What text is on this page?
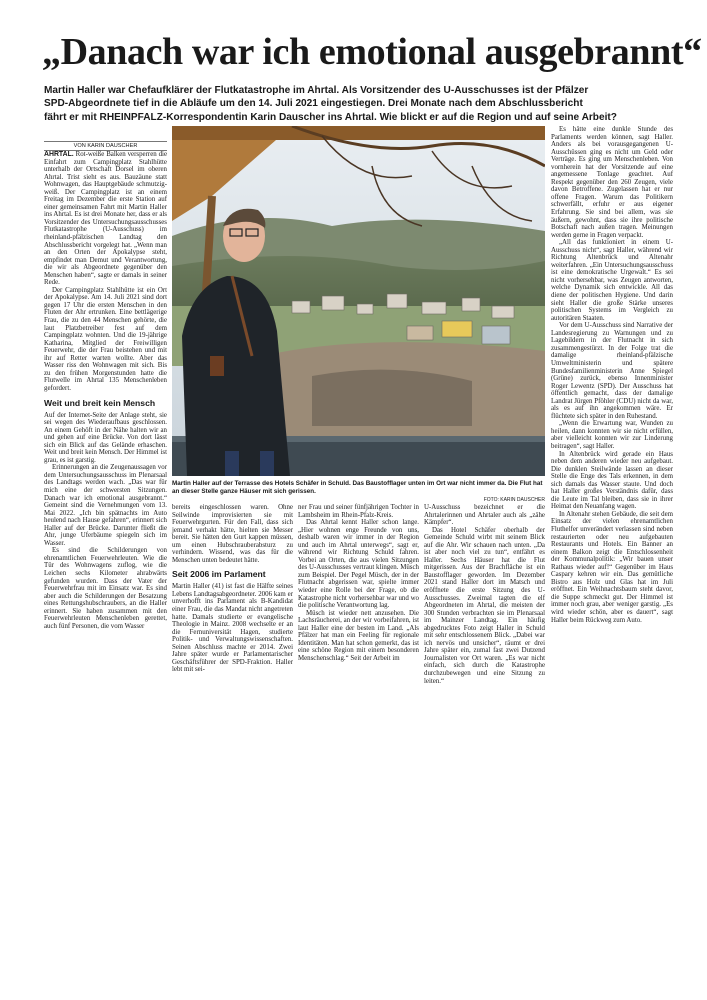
„Danach war ich emotional ausgebrannt“

Martin Haller war Chefaufklärer der Flutkatastrophe im Ahrtal. Als Vorsitzender des U-Ausschusses ist der Pfälzer

SPD-Abgeordnete tief in die Abläufe um den 14. Juli 2021 eingestiegen. Drei Monate nach dem Abschlussbericht

fährt er mit RHEINPFALZ-Korrespondentin Karin Dauscher ins Ahrtal. Wie blickt er auf die Region und auf seine Arbeit?

VON KARIN DAUSCHER

AHRTAL. Rot-weiße Balken versperren die Einfahrt zum Campingplatz Stahlhütte unterhalb der Ortschaft Dorsel im oberen Ahrtal. Trist sieht es aus. Bauzäune statt Wohnwagen, das Hauptgebäude schmutzig-weiß. Der Campingplatz ist an einem Freitag im Dezember die erste Station auf einer gemeinsamen Fahrt mit Martin Haller ins Ahrtal. Es ist drei Monate her, dass er als Vorsitzender des Untersuchungsausschusses Flutkatastrophe (U-Ausschuss) im rheinland-pfälzischen Landtag den Abschlussbericht vorgelegt hat. „Wenn man an den Orten der Apokalypse steht, empfindet man Demut und Verantwortung, die wir als Abgeordnete gegenüber den Menschen haben“, sagte er damals in seiner Rede.

Der Campingplatz Stahlhütte ist ein Ort der Apokalypse. Am 14. Juli 2021 sind dort gegen 17 Uhr die ersten Menschen in den Fluten der Ahr ertrunken. Eine bettlägerige Frau, die zu den 44 Menschen gehörte, die laut Platzbetreiber fest auf dem Campingplatz wohnten. Und die 19-jährige Katharina, Mitglied der Freiwilligen Feuerwehr, die der Frau beistehen und mit ihr auf Retter warten wollte. Aber das Wasser riss den Wohnwagen mit sich. Bis zu den frühen Morgenstunden hatte die Flutwelle im Ahrtal 135 Menschenleben gefordert.

Weit und breit kein Mensch

Auf der Internet-Seite der Anlage steht, sie sei wegen des Wiederaufbaus geschlossen. An einem Gehöft in der Nähe halten wir an und gehen auf eine Brücke. Von dort lässt sich ein Blick auf das Gelände erhaschen. Weit und breit kein Mensch. Der Himmel ist grau, es ist garstig.

Erinnerungen an die Zeugenaussagen vor dem Untersuchungsausschuss im Plenarsaal des Landtags werden wach. „Das war für mich eine der schwersten Sitzungen. Danach war ich emotional ausgebrannt.“ Gemeint sind die Vernehmungen vom 13. Mai 2022. „Ich bin spätnachts im Auto heulend nach Hause gefahren“, erinnert sich Haller auf der Brücke. Darunter fließt die Ahr, junge Uferbäume spiegeln sich im Wasser.

Es sind die Schilderungen von ehrenamtlichen Feuerwehrleuten. Wie die Tür des Wohnwagens zuflog, wie die Leichen sechs Kilometer ahrabwärts gefunden wurden. Dass der Vater der Feuerwehrfrau mit im Einsatz war. Es sind aber auch die Schilderungen der Besatzung eines Rettungshubschraubers, an die Haller erinnert. Sie haben zusammen mit den Feuerwehrleuten Menschenleben gerettet, auch fünf Personen, die vom Wasser

Martin Haller auf der Terrasse des Hotels Schäfer in Schuld. Das Baustofflager unten im Ort war nicht immer da. Die Flut hat an dieser Stelle ganze Häuser mit sich gerissen.
FOTO: KARIN DAUSCHER

bereits eingeschlossen waren. Ohne Seilwinde improvisierten sie mit Feuerwehrgurten. Für den Fall, dass sich jemand verhakt hätte, hielten sie Messer bereit. Sie hätten den Gurt kappen müssen, um einen Hubschrauberabsturz zu verhindern. Wissend, was das für die Menschen unten bedeutet hätte.

Seit 2006 im Parlament

Martin Haller (41) ist fast die Hälfte seines Lebens Landtagsabgeordneter. 2006 kam er unverhofft ins Parlament als B-Kandidat einer Frau, die das Mandat nicht angetreten hatte. Damals studierte er evangelische Theologie in Mainz. 2008 wechselte er an die Fernuniversität Hagen, studierte Politik- und Verwaltungswissenschaften. Seinen Abschluss machte er 2014. Zwei Jahre später wurde er Parlamentarischer Geschäftsführer der SPD-Fraktion. Haller lebt mit sei-

ner Frau und seiner fünfjährigen Tochter in Lambsheim im Rhein-Pfalz-Kreis.

Das Ahrtal kennt Haller schon lange. „Hier wohnen enge Freunde von uns, deshalb waren wir immer in der Region und auch im Ahrtal unterwegs“, sagt er, während wir Richtung Schuld fahren. Vorbei an Orten, die aus vielen Sitzungen des U-Ausschusses vertraut klingen. Müsch zum Beispiel. Der Pegel Müsch, der in der Flutnacht abgerissen war, spielte immer wieder eine Rolle bei der Frage, ob die Katastrophe nicht vorhersehbar war und wo die politische Verantwortung lag.

Müsch ist wieder nett anzusehen. Die Lachsräucherei, an der wir vorbeifahren, ist laut Haller eine der besten im Land. „Als Pfälzer hat man ein Feeling für regionale Identitäten. Man hat schon gemerkt, das ist eine schöne Region mit einem besonderen Menschenschlag.“ Seit der Arbeit im

U-Ausschuss bezeichnet er die Ahrtalerinnen und Ahrtaler auch als „zähe Kämpfer“.

Das Hotel Schäfer oberhalb der Gemeinde Schuld wirbt mit seinem Blick auf die Ahr. Wir schauen nach unten. „Da ist aber noch viel zu tun“, entfährt es Haller. Sechs Häuser hat die Flut mitgerissen. Aus der Brachfläche ist ein Baustofflager geworden. Im Dezember 2021 stand Haller dort im Matsch und eröffnete die erste Sitzung des U-Ausschusses. Zweimal tagten die elf Abgeordneten im Ahrtal, die meisten der 300 Stunden verbrachten sie im Plenarsaal im Mainzer Landtag. Ein häufig abgedrucktes Foto zeigt Haller in Schuld mit sehr entschlossenem Blick. „Dabei war ich nervös und unsicher“, räumt er drei Jahre später ein, zumal fast zwei Dutzend Journalisten vor Ort waren. „Es war nicht einfach, sich durch die Katastrophe durchzubewegen und eine Sitzung zu leiten.“

Es hätte eine dunkle Stunde des Parlaments werden können, sagt Haller. Anders als bei vorausgegangenen U-Ausschüssen ging es nicht um Geld oder Verträge. Es ging um Menschenleben. Von vornherein hat der Vorsitzende auf eine angemessene Tonlage geachtet. Auf Respekt gegenüber den 260 Zeugen, viele davon Betroffene. Zugelassen hat er nur offene Fragen. Warum das Politikern schwerfällt, erfuhr er aus eigener Erfahrung. Sie sind bei allem, was sie äußern, gewohnt, dass sie ihre politische Botschaft nach außen tragen. Meinungen werden gerne in Fragen verpackt.

„All das funktioniert in einem U-Ausschuss nicht“, sagt Haller, während wir Richtung Altenbrück und Altenahr weiterfahren. „Ein Untersuchungsausschuss ist eine demokratische Urgewalt.“ Es sei nicht vorhersehbar, was Zeugen antworten, welche Dynamik sich entwickle. All das diene der politischen Hygiene. Und darin sieht Haller die große Stärke unseres politischen Systems im Vergleich zu autoritären Staaten.

Vor dem U-Ausschuss sind Narrative der Landesregierung zu Warnungen und zu Lagebildern in der Flutnacht in sich zusammengestürzt. In der Folge trat die damalige rheinland-pfälzische Umweltministerin und spätere Bundesfamilienministerin Anne Spiegel (Grüne) zurück, ebenso Innenminister Roger Lewentz (SPD). Der Ausschuss hat öffentlich gemacht, dass der damalige Landrat Jürgen Pföhler (CDU) nicht da war, als es auf ihn angekommen wäre. Er flüchtete sich später in den Ruhestand.

„Wenn die Erwartung war, Wunden zu heilen, dann konnten wir sie nicht erfüllen, aber vielleicht konnten wir zur Linderung beitragen“, sagt Haller.

In Altenbrück wird gerade ein Haus neben dem anderen wieder neu aufgebaut. Die dunklen Steilwände lassen an dieser Stelle die Enge des Tals erkennen, in dem sich damals das Wasser staute. Und doch hat Haller großes Verständnis dafür, dass die Leute im Tal bleiben, dass sie in ihrer Heimat den Neuanfang wagen.

In Altenahr stehen Gebäude, die seit dem Einsatz der vielen ehrenamtlichen Fluthelfer unverändert verlassen sind neben restaurierten oder neu aufgebauten Restaurants und Hotels. Ein Banner an einem Balkon zeigt die Entschlossenheit der Kommunalpolitik: „Wir bauen unser Rathaus wieder auf!“ Gegenüber im Haus Caspary kehren wir ein. Das gemütliche Bistro aus Holz und Glas hat im Juli eröffnet. Ein Weihnachtsbaum steht davor, die Suppe schmeckt gut. Der Himmel ist immer noch grau, aber weniger garstig. „Es wird wieder schön, aber es dauert“, sagt Haller beim Rückweg zum Auto.
